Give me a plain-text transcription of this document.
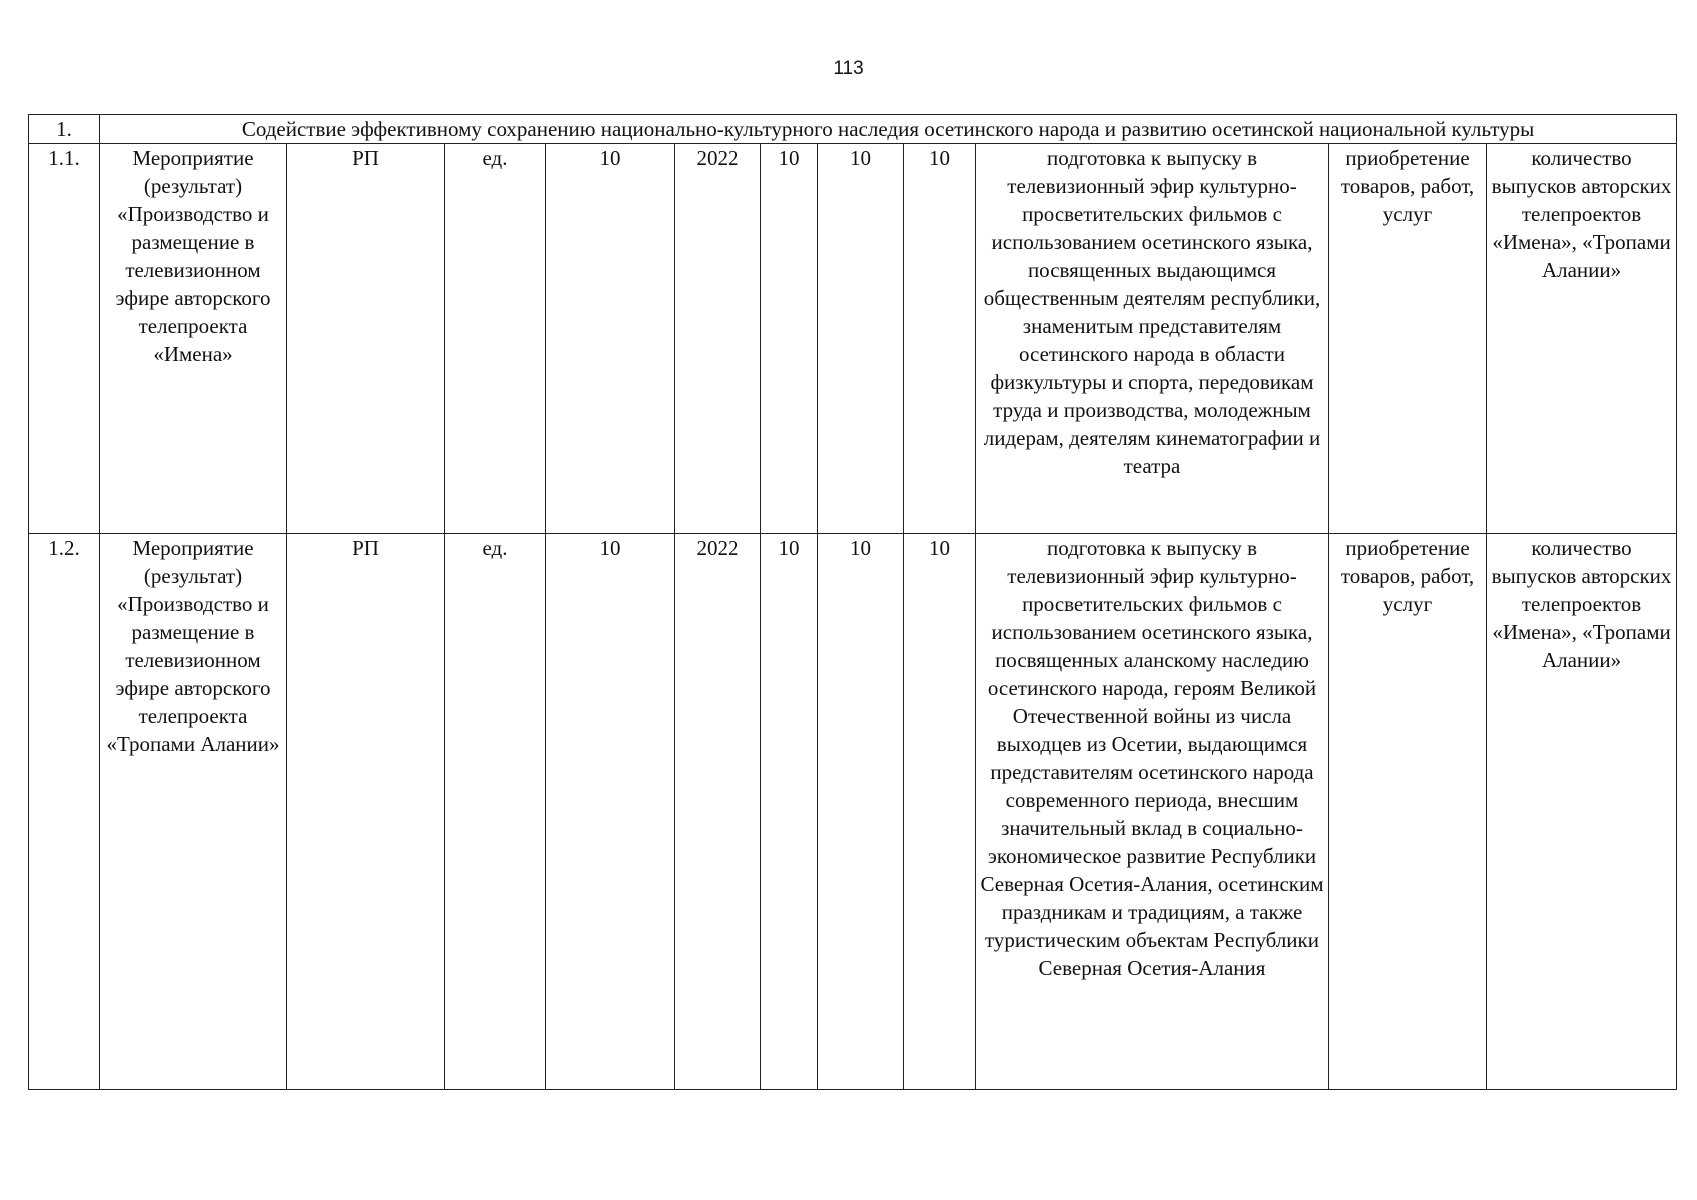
113
1.	Содействие эффективному сохранению национально-культурного наследия осетинского народа и развитию осетинской национальной культуры										
1.1.	Мероприятие (результат) «Производство и размещение в телевизионном эфире авторского телепроекта «Имена»	РП	ед.	10	2022	10	10	10	подготовка к выпуску в телевизионный эфир культурно-просветительских фильмов с использованием осетинского языка, посвященных выдающимся общественным деятелям республики, знаменитым представителям осетинского народа в области физкультуры и спорта, передовикам труда и производства, молодежным лидерам, деятелям кинематографии и театра	приобретение товаров, работ, услуг	количество выпусков авторских телепроектов «Имена», «Тропами Алании»
1.2.	Мероприятие (результат) «Производство и размещение в телевизионном эфире авторского телепроекта «Тропами Алании»	РП	ед.	10	2022	10	10	10	подготовка к выпуску в телевизионный эфир культурно-просветительских фильмов с использованием осетинского языка, посвященных аланскому наследию осетинского народа, героям Великой Отечественной войны из числа выходцев из Осетии, выдающимся представителям осетинского народа современного периода, внесшим значительный вклад в социально-экономическое развитие Республики Северная Осетия-Алания, осетинским праздникам и традициям, а также туристическим объектам Республики Северная Осетия-Алания	приобретение товаров, работ, услуг	количество выпусков авторских телепроектов «Имена», «Тропами Алании»
